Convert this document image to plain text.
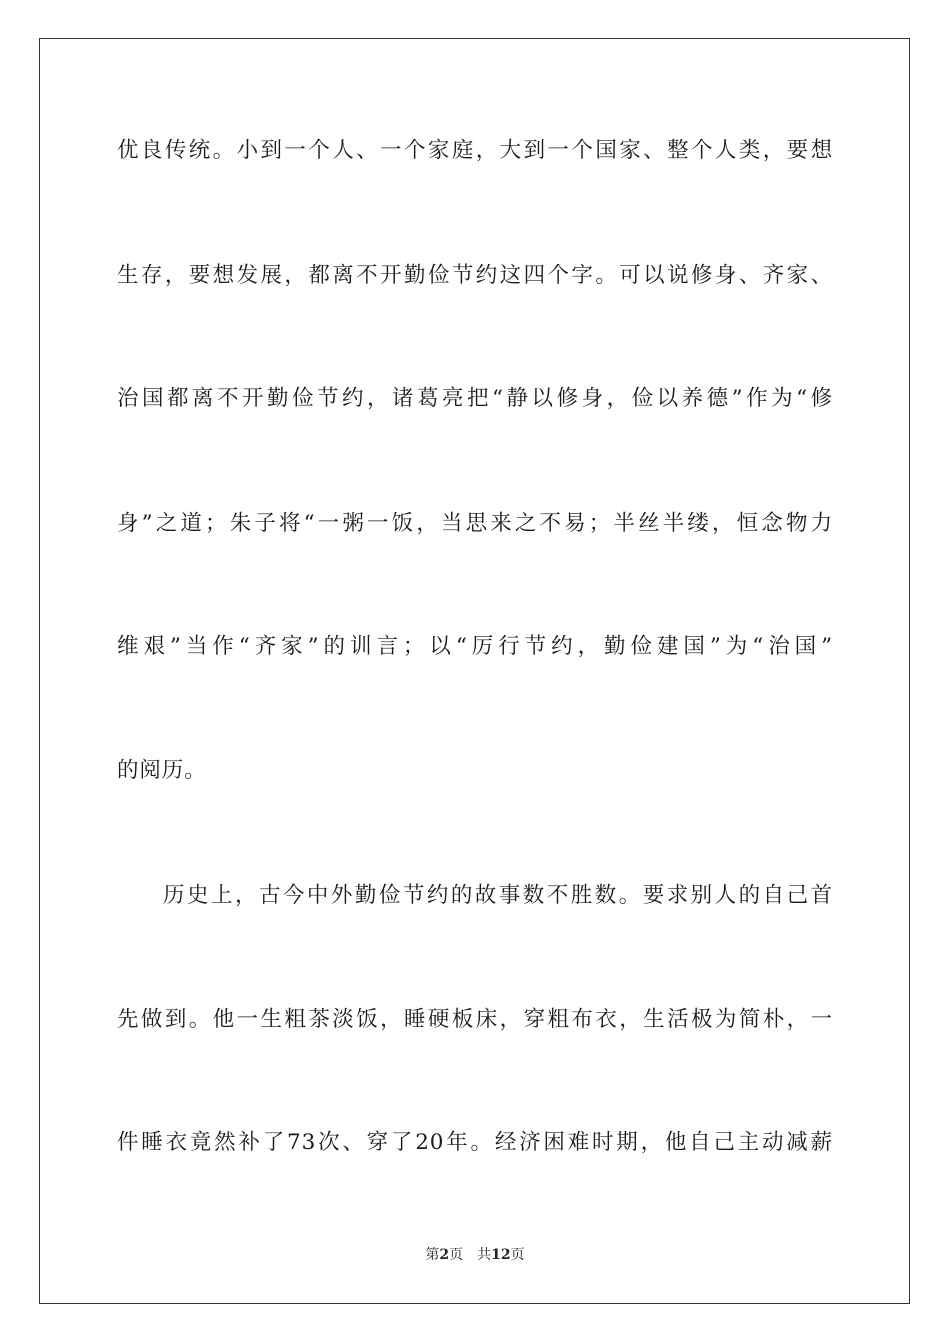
优良传统。小到一个人、一个家庭，大到一个国家、整个人类，要想
生存，要想发展，都离不开勤俭节约这四个字。可以说修身、齐家、
治国都离不开勤俭节约，诸葛亮把“静以修身，俭以养德”作为“修
身”之道；朱子将“一粥一饭，当思来之不易；半丝半缕，恒念物力
维艰”当作“齐家”的训言；以“厉行节约，勤俭建国”为“治国”
的阅历。
历史上，古今中外勤俭节约的故事数不胜数。要求别人的自己首
先做到。他一生粗茶淡饭，睡硬板床，穿粗布衣，生活极为简朴，一
件睡衣竟然补了73次、穿了20年。经济困难时期，他自己主动减薪
第2页 共12页
